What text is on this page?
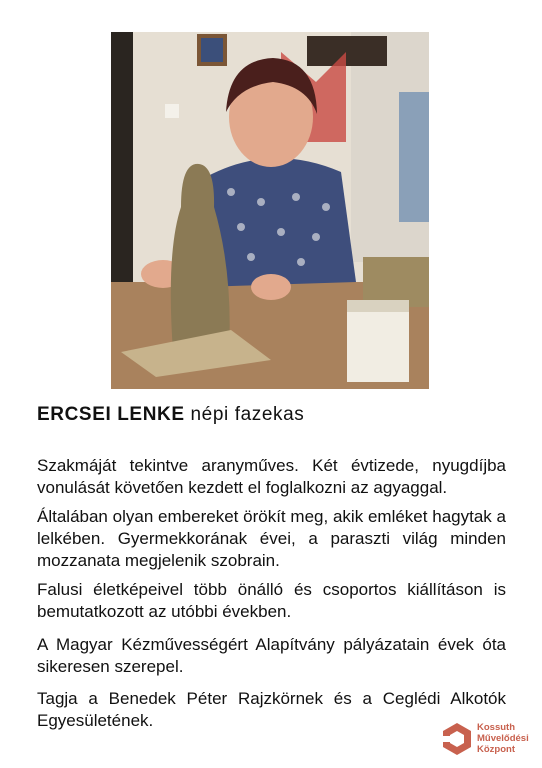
ERCSEI LENKE népi fazekas

Szakmáját tekintve aranyműves. Két évtizede, nyugdíjba vonulását követően kezdett el foglalkozni az agyaggal.

Általában olyan embereket örökít meg, akik emléket hagytak a lelkében. Gyermekkorának évei, a paraszti világ minden mozzanata megjelenik szobrain.

Falusi életképeivel több önálló és csoportos kiállításon is bemutatkozott az utóbbi években.

A Magyar Kézművességért Alapítvány pályázatain évek óta sikeresen szerepel.

Tagja a Benedek Péter Rajzkörnek és a Ceglédi Alkotók Egyesületének.	Kossuth
Művelődési
Központ
